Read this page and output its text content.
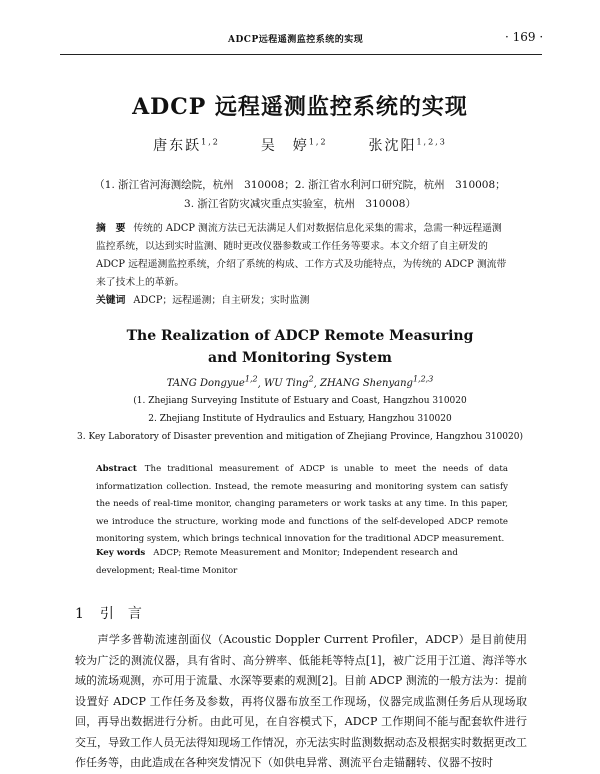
ADCP远程遥测监控系统的实现	· 169 ·
ADCP 远程遥测监控系统的实现
唐东跃$^{1,2}$	吴　婷$^{1,2}$	张沈阳$^{1,2,3}$
（1. 浙江省河海测绘院，杭州　310008；2. 浙江省水利河口研究院，杭州　310008；
3. 浙江省防灾减灾重点实验室，杭州　310008）
摘　要 传统的 ADCP 测流方法已无法满足人们对数据信息化采集的需求，急需一种远程遥测监控系统，以达到实时监测、随时更改仪器参数或工作任务等要求。本文介绍了自主研发的 ADCP 远程遥测监控系统，介绍了系统的构成、工作方式及功能特点，为传统的 ADCP 测流带来了技术上的革新。
关键词 ADCP；远程遥测；自主研发；实时监测
The Realization of ADCP Remote Measuring
and Monitoring System
TANG Dongyue$^{1,2}$, WU Ting$^2$, ZHANG Shenyang$^{1,2,3}$
(1. Zhejiang Surveying Institute of Estuary and Coast, Hangzhou 310020
2. Zhejiang Institute of Hydraulics and Estuary, Hangzhou 310020
3. Key Laboratory of Disaster prevention and mitigation of Zhejiang Province, Hangzhou 310020)
Abstract The traditional measurement of ADCP is unable to meet the needs of data informatization collection. Instead, the remote measuring and monitoring system can satisfy the needs of real-time monitor, changing parameters or work tasks at any time. In this paper, we introduce the structure, working mode and functions of the self-developed ADCP remote monitoring system, which brings technical innovation for the traditional ADCP measurement.
Key words ADCP; Remote Measurement and Monitor; Independent research and development; Real-time Monitor
1 引　言
声学多普勒流速剖面仪（Acoustic Doppler Current Profiler，ADCP）是目前使用较为广泛的测流仪器，具有省时、高分辨率、低能耗等特点[1]，被广泛用于江道、海洋等水域的流场观测，亦可用于流量、水深等要素的观测[2]。目前 ADCP 测流的一般方法为：提前设置好 ADCP 工作任务及参数，再将仪器布放至工作现场，仪器完成监测任务后从现场取回，再导出数据进行分析。由此可见，在自容模式下，ADCP 工作期间不能与配套软件进行交互，导致工作人员无法得知现场工作情况，亦无法实时监测数据动态及根据实时数据更改工作任务等，由此造成在各种突发情况下（如供电异常、测流平台走锚翻转、仪器不按时
